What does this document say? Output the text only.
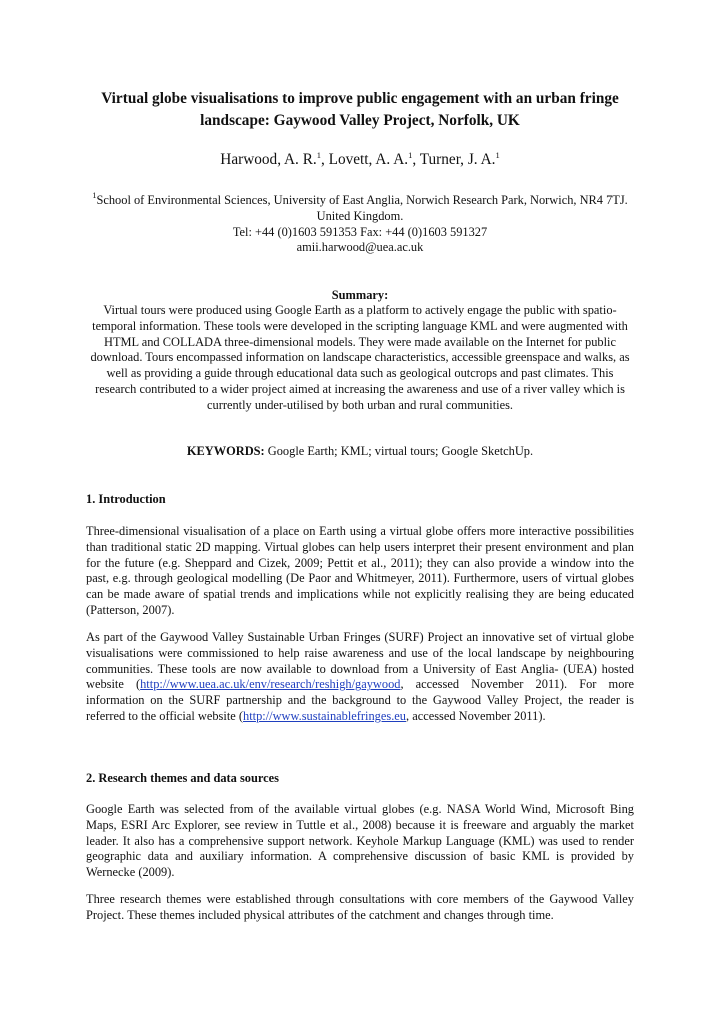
Virtual globe visualisations to improve public engagement with an urban fringe landscape: Gaywood Valley Project, Norfolk, UK
Harwood, A. R.$^1$, Lovett, A. A.$^1$, Turner, J. A.$^1$
$^1$School of Environmental Sciences, University of East Anglia, Norwich Research Park, Norwich, NR4 7TJ. United Kingdom.
Tel: +44 (0)1603 591353 Fax: +44 (0)1603 591327
amii.harwood@uea.ac.uk
Summary:
Virtual tours were produced using Google Earth as a platform to actively engage the public with spatio-temporal information. These tools were developed in the scripting language KML and were augmented with HTML and COLLADA three-dimensional models. They were made available on the Internet for public download. Tours encompassed information on landscape characteristics, accessible greenspace and walks, as well as providing a guide through educational data such as geological outcrops and past climates. This research contributed to a wider project aimed at increasing the awareness and use of a river valley which is currently under-utilised by both urban and rural communities.
KEYWORDS: Google Earth; KML; virtual tours; Google SketchUp.
1. Introduction
Three-dimensional visualisation of a place on Earth using a virtual globe offers more interactive possibilities than traditional static 2D mapping. Virtual globes can help users interpret their present environment and plan for the future (e.g. Sheppard and Cizek, 2009; Pettit et al., 2011); they can also provide a window into the past, e.g. through geological modelling (De Paor and Whitmeyer, 2011). Furthermore, users of virtual globes can be made aware of spatial trends and implications while not explicitly realising they are being educated (Patterson, 2007).
As part of the Gaywood Valley Sustainable Urban Fringes (SURF) Project an innovative set of virtual globe visualisations were commissioned to help raise awareness and use of the local landscape by neighbouring communities. These tools are now available to download from a University of East Anglia- (UEA) hosted website (http://www.uea.ac.uk/env/research/reshigh/gaywood, accessed November 2011). For more information on the SURF partnership and the background to the Gaywood Valley Project, the reader is referred to the official website (http://www.sustainablefringes.eu, accessed November 2011).
2. Research themes and data sources
Google Earth was selected from of the available virtual globes (e.g. NASA World Wind, Microsoft Bing Maps, ESRI Arc Explorer, see review in Tuttle et al., 2008) because it is freeware and arguably the market leader. It also has a comprehensive support network. Keyhole Markup Language (KML) was used to render geographic data and auxiliary information. A comprehensive discussion of basic KML is provided by Wernecke (2009).
Three research themes were established through consultations with core members of the Gaywood Valley Project. These themes included physical attributes of the catchment and changes through time.
